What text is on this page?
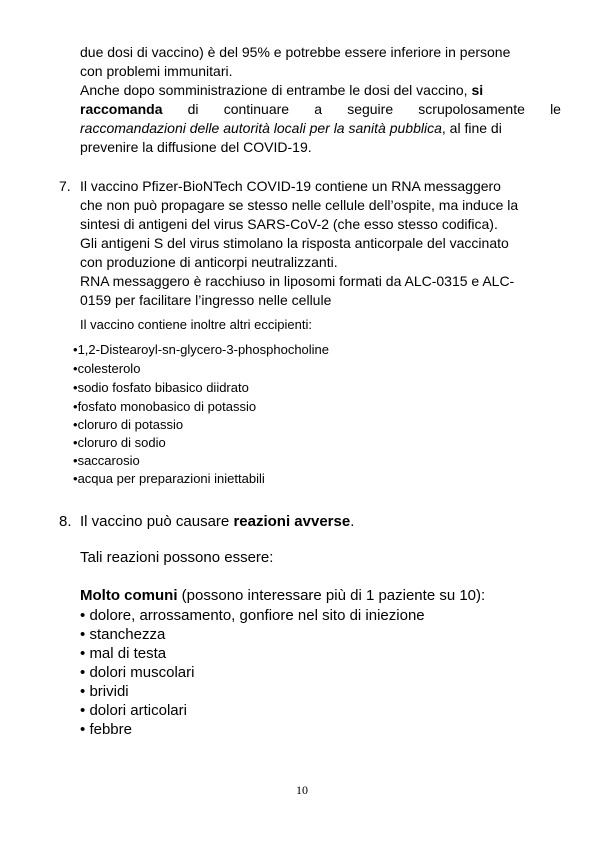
due dosi di vaccino) è del 95% e potrebbe essere inferiore in persone
con problemi immunitari.
Anche dopo somministrazione di entrambe le dosi del vaccino, si
raccomanda di continuare a seguire scrupolosamente le
raccomandazioni delle autorità locali per la sanità pubblica, al fine di
prevenire la diffusione del COVID-19.
7. Il vaccino Pfizer-BioNTech COVID-19 contiene un RNA messaggero
che non può propagare se stesso nelle cellule dell’ospite, ma induce la
sintesi di antigeni del virus SARS-CoV-2 (che esso stesso codifica).
Gli antigeni S del virus stimolano la risposta anticorpale del vaccinato
con produzione di anticorpi neutralizzanti.
RNA messaggero è racchiuso in liposomi formati da ALC-0315 e ALC-
0159 per facilitare l’ingresso nelle cellule
Il vaccino contiene inoltre altri eccipienti:
•1,2-Distearoyl-sn-glycero-3-phosphocholine
•colesterolo
•sodio fosfato bibasico diidrato
•fosfato monobasico di potassio
•cloruro di potassio
•cloruro di sodio
•saccarosio
•acqua per preparazioni iniettabili
8. Il vaccino può causare reazioni avverse.
Tali reazioni possono essere:
Molto comuni (possono interessare più di 1 paziente su 10):
• dolore, arrossamento, gonfiore nel sito di iniezione
• stanchezza
• mal di testa
• dolori muscolari
• brividi
• dolori articolari
• febbre
10
